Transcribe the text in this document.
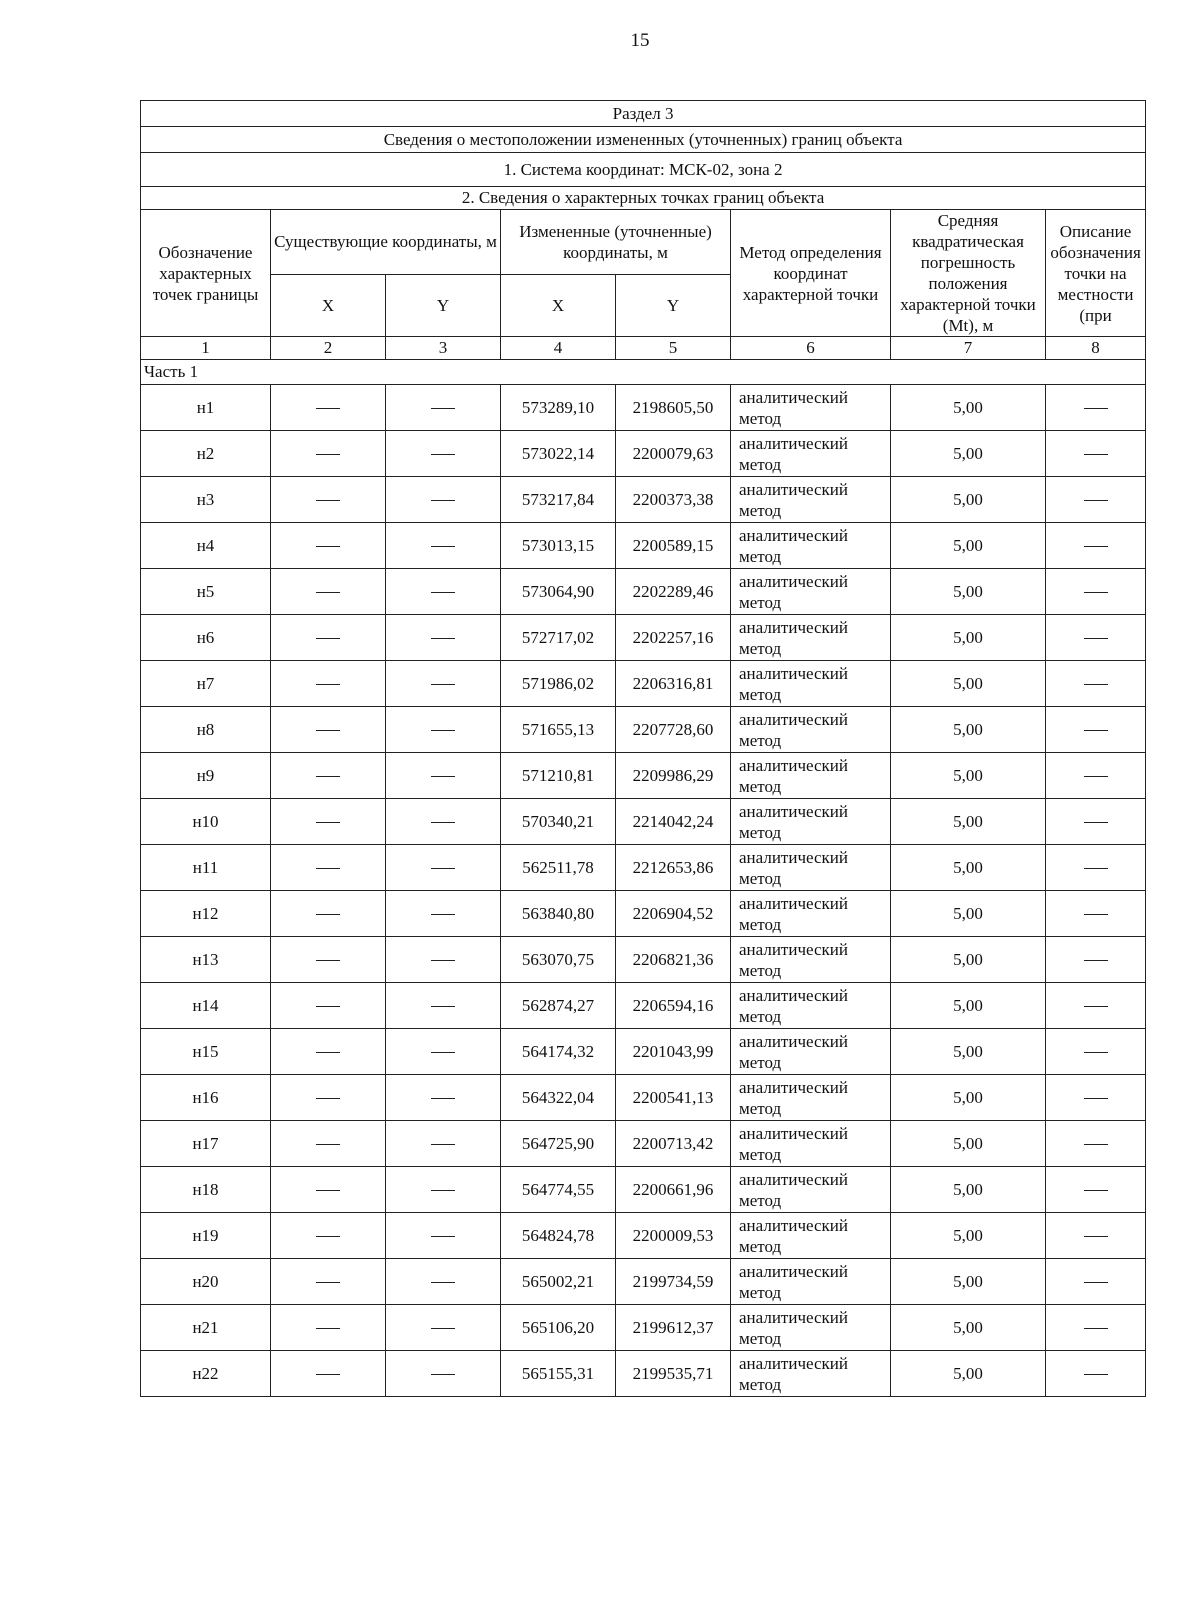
15
Раздел 3							
Сведения о местоположении измененных (уточненных) границ объекта							
1. Система координат: МСК-02, зона 2							
2. Сведения о характерных точках границ объекта							
Обозначение характерных точек границы	Существующие координаты, м		Измененные (уточненные) координаты, м		Метод определения координат характерной точки	Средняя квадратическая погрешность положения характерной точки (Mt), м	Описание обозначения точки на местности (при
	X	Y	X	Y			
1	2	3	4	5	6	7	8
Часть 1							
н1			573289,10	2198605,50	аналитический метод	5,00	
н2			573022,14	2200079,63	аналитический метод	5,00	
н3			573217,84	2200373,38	аналитический метод	5,00	
н4			573013,15	2200589,15	аналитический метод	5,00	
н5			573064,90	2202289,46	аналитический метод	5,00	
н6			572717,02	2202257,16	аналитический метод	5,00	
н7			571986,02	2206316,81	аналитический метод	5,00	
н8			571655,13	2207728,60	аналитический метод	5,00	
н9			571210,81	2209986,29	аналитический метод	5,00	
н10			570340,21	2214042,24	аналитический метод	5,00	
н11			562511,78	2212653,86	аналитический метод	5,00	
н12			563840,80	2206904,52	аналитический метод	5,00	
н13			563070,75	2206821,36	аналитический метод	5,00	
н14			562874,27	2206594,16	аналитический метод	5,00	
н15			564174,32	2201043,99	аналитический метод	5,00	
н16			564322,04	2200541,13	аналитический метод	5,00	
н17			564725,90	2200713,42	аналитический метод	5,00	
н18			564774,55	2200661,96	аналитический метод	5,00	
н19			564824,78	2200009,53	аналитический метод	5,00	
н20			565002,21	2199734,59	аналитический метод	5,00	
н21			565106,20	2199612,37	аналитический метод	5,00	
н22			565155,31	2199535,71	аналитический метод	5,00	
